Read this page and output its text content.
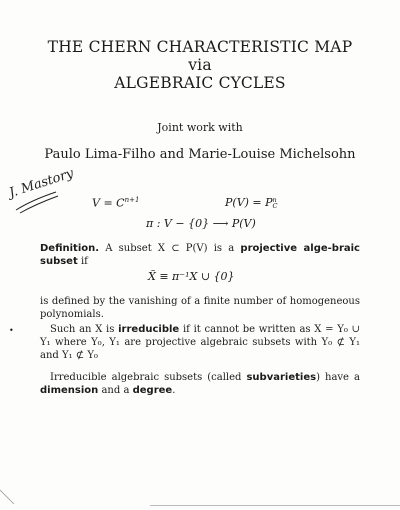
THE CHERN CHARACTERISTIC MAP
via
ALGEBRAIC CYCLES
Joint work with
Paulo Lima-Filho and Marie-Louise Michelsohn
J. Mastory
$V = C^{n+1}$	P(V) = P n
C
π : V − {0} ⟶ P(V)
Definition. A subset X ⊂ P(V) is a projective alge-braic subset if
X̃ ≡ π⁻¹X ∪ {0}
is defined by the vanishing of a finite number of homogeneous polynomials.
•	Such an X is irreducible if it cannot be written as X = Y₀ ∪ Y₁ where Y₀, Y₁ are projective algebraic subsets with Y₀ ⊄ Y₁ and Y₁ ⊄ Y₀
Irreducible algebraic subsets (called subvarieties) have a dimension and a degree.
